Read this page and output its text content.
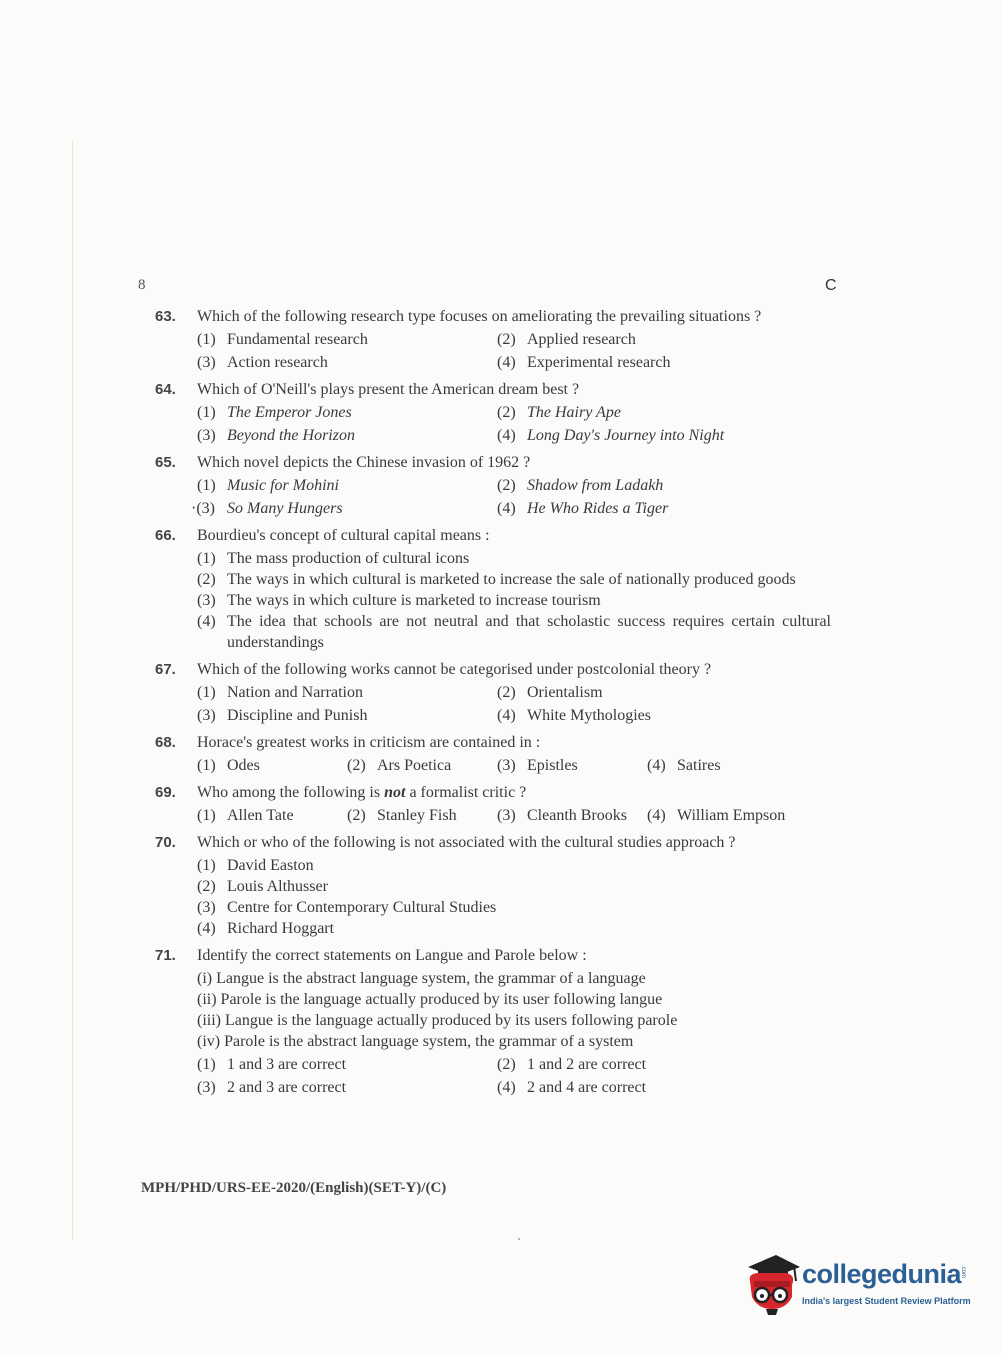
8	C
63. Which of the following research type focuses on ameliorating the prevailing situations ?
(1) Fundamental research	(2) Applied research
(3) Action research	(4) Experimental research
64. Which of O'Neill's plays present the American dream best ?
(1) The Emperor Jones	(2) The Hairy Ape
(3) Beyond the Horizon	(4) Long Day's Journey into Night
65. Which novel depicts the Chinese invasion of 1962 ?
(1) Music for Mohini	(2) Shadow from Ladakh
·(3) So Many Hungers	(4) He Who Rides a Tiger
66. Bourdieu's concept of cultural capital means :
(1) The mass production of cultural icons
(2) The ways in which cultural is marketed to increase the sale of nationally produced goods
(3) The ways in which culture is marketed to increase tourism
(4) The idea that schools are not neutral and that scholastic success requires certain cultural understandings
67. Which of the following works cannot be categorised under postcolonial theory ?
(1) Nation and Narration	(2) Orientalism
(3) Discipline and Punish	(4) White Mythologies
68. Horace's greatest works in criticism are contained in :
(1) Odes	(2) Ars Poetica	(3) Epistles	(4) Satires
69. Who among the following is not a formalist critic ?
(1) Allen Tate	(2) Stanley Fish	(3) Cleanth Brooks	(4) William Empson
70. Which or who of the following is not associated with the cultural studies approach ?
(1) David Easton
(2) Louis Althusser
(3) Centre for Contemporary Cultural Studies
(4) Richard Hoggart
71. Identify the correct statements on Langue and Parole below :
(i) Langue is the abstract language system, the grammar of a language
(ii) Parole is the language actually produced by its user following langue
(iii) Langue is the language actually produced by its users following parole
(iv) Parole is the abstract language system, the grammar of a system
(1) 1 and 3 are correct	(2) 1 and 2 are correct
(3) 2 and 3 are correct	(4) 2 and 4 are correct
MPH/PHD/URS-EE-2020/(English)(SET-Y)/(C)
collegedunia
.com
India's largest Student Review Platform
